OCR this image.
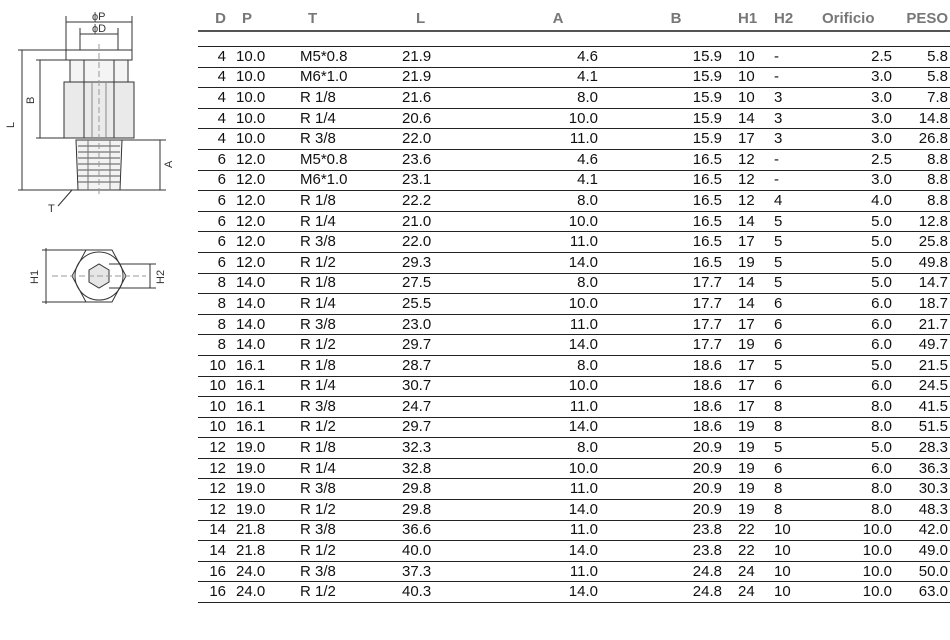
ϕP
ϕD
L
B
A
T
H1	H2
D	P	T	L	A	B	H1	H2	Orificio	PESO

4	10.0	M5*0.8	21.9	4.6	15.9	10	-	2.5	5.8
4	10.0	M6*1.0	21.9	4.1	15.9	10	-	3.0	5.8
4	10.0	R 1/8	21.6	8.0	15.9	10	3	3.0	7.8
4	10.0	R 1/4	20.6	10.0	15.9	14	3	3.0	14.8
4	10.0	R 3/8	22.0	11.0	15.9	17	3	3.0	26.8
6	12.0	M5*0.8	23.6	4.6	16.5	12	-	2.5	8.8
6	12.0	M6*1.0	23.1	4.1	16.5	12	-	3.0	8.8
6	12.0	R 1/8	22.2	8.0	16.5	12	4	4.0	8.8
6	12.0	R 1/4	21.0	10.0	16.5	14	5	5.0	12.8
6	12.0	R 3/8	22.0	11.0	16.5	17	5	5.0	25.8
6	12.0	R 1/2	29.3	14.0	16.5	19	5	5.0	49.8
8	14.0	R 1/8	27.5	8.0	17.7	14	5	5.0	14.7
8	14.0	R 1/4	25.5	10.0	17.7	14	6	6.0	18.7
8	14.0	R 3/8	23.0	11.0	17.7	17	6	6.0	21.7
8	14.0	R 1/2	29.7	14.0	17.7	19	6	6.0	49.7
10	16.1	R 1/8	28.7	8.0	18.6	17	5	5.0	21.5
10	16.1	R 1/4	30.7	10.0	18.6	17	6	6.0	24.5
10	16.1	R 3/8	24.7	11.0	18.6	17	8	8.0	41.5
10	16.1	R 1/2	29.7	14.0	18.6	19	8	8.0	51.5
12	19.0	R 1/8	32.3	8.0	20.9	19	5	5.0	28.3
12	19.0	R 1/4	32.8	10.0	20.9	19	6	6.0	36.3
12	19.0	R 3/8	29.8	11.0	20.9	19	8	8.0	30.3
12	19.0	R 1/2	29.8	14.0	20.9	19	8	8.0	48.3
14	21.8	R 3/8	36.6	11.0	23.8	22	10	10.0	42.0
14	21.8	R 1/2	40.0	14.0	23.8	22	10	10.0	49.0
16	24.0	R 3/8	37.3	11.0	24.8	24	10	10.0	50.0
16	24.0	R 1/2	40.3	14.0	24.8	24	10	10.0	63.0
